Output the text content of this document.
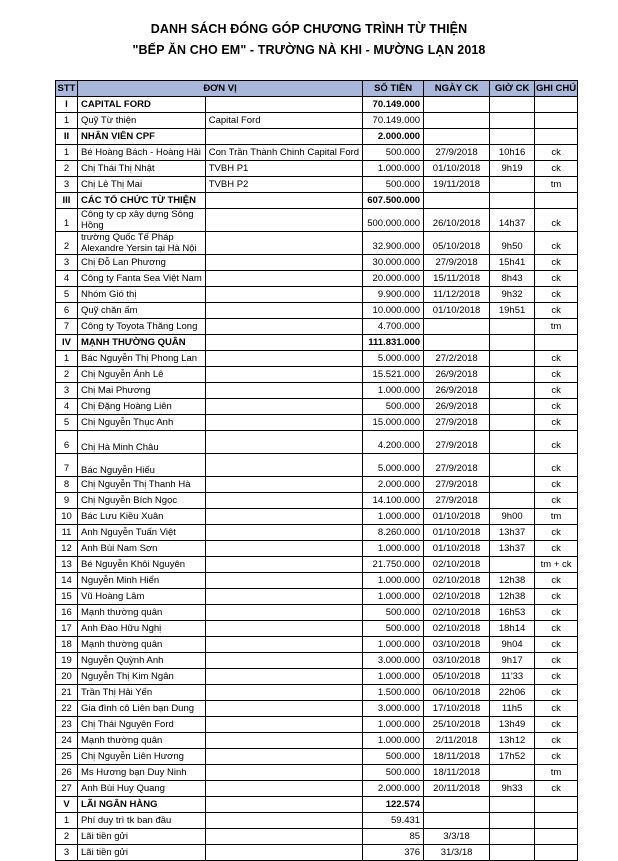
DANH SÁCH ĐÓNG GÓP CHƯƠNG TRÌNH TỪ THIỆN
"BẾP ĂN CHO EM" - TRƯỜNG NÀ KHI - MƯỜNG LẠN 2018
STT	ĐƠN VỊ		SỐ TIỀN	NGÀY CK	GIỜ CK	GHI CHÚ
I	CAPITAL FORD		70.149.000			
1	Quỹ Từ thiện	Capital Ford	70.149.000			
II	NHÂN VIÊN CPF		2.000.000			
1	Bé Hoàng Bách - Hoàng Hải	Con Trần Thành Chinh Capital Ford	500.000	27/9/2018	10h16	ck
2	Chị Thái Thị Nhật	TVBH P1	1.000.000	01/10/2018	9h19	ck
3	Chị Lê Thị Mai	TVBH P2	500.000	19/11/2018		tm
III	CÁC TỔ CHỨC TỪ THIỆN		607.500.000			
1	Công ty cp xây dựng Sông Hồng		500.000.000	26/10/2018	14h37	ck
2	trường Quốc Tế Pháp Alexandre Yersin tại Hà Nội		32.900.000	05/10/2018	9h50	ck
3	Chị Đỗ Lan Phương		30.000.000	27/9/2018	15h41	ck
4	Công ty Fanta Sea Việt Nam		20.000.000	15/11/2018	8h43	ck
5	Nhóm Gió thị		9.900.000	11/12/2018	9h32	ck
6	Quỹ chăn ấm		10.000.000	01/10/2018	19h51	ck
7	Công ty Toyota Thăng Long		4.700.000			tm
IV	MẠNH THƯỜNG QUÂN		111.831.000			
1	Bác Nguyễn Thị Phong Lan		5.000.000	27/2/2018		ck
2	Chị Nguyễn Ánh Lê		15.521.000	26/9/2018		ck
3	Chị Mai Phương		1.000.000	26/9/2018		ck
4	Chị Đặng Hoàng Liên		500.000	26/9/2018		ck
5	Chị Nguyễn Thục Anh		15.000.000	27/9/2018		ck
6	Chị Hà Minh Châu		4.200.000	27/9/2018		ck
7	Bác Nguyễn Hiếu		5.000.000	27/9/2018		ck
8	Chị Nguyễn Thị Thanh Hà		2.000.000	27/9/2018		ck
9	Chị Nguyễn Bích Ngọc		14.100.000	27/9/2018		ck
10	Bác Lưu Kiều Xuân		1.000.000	01/10/2018	9h00	tm
11	Anh Nguyễn Tuấn Việt		8.260.000	01/10/2018	13h37	ck
12	Anh Bùi Nam Sơn		1.000.000	01/10/2018	13h37	ck
13	Bé Nguyễn Khôi Nguyên		21.750.000	02/10/2018		tm + ck
14	Nguyễn Minh Hiển		1.000.000	02/10/2018	12h38	ck
15	Vũ Hoàng Lâm		1.000.000	02/10/2018	12h38	ck
16	Mạnh thường quân		500.000	02/10/2018	16h53	ck
17	Anh Đào Hữu Nghị		500.000	02/10/2018	18h14	ck
18	Mạnh thường quân		1.000.000	03/10/2018	9h04	ck
19	Nguyễn Quỳnh Anh		3.000.000	03/10/2018	9h17	ck
20	Nguyễn Thị Kim Ngân		1.000.000	05/10/2018	11'33	ck
21	Trần Thị Hải Yến		1.500.000	06/10/2018	22h06	ck
22	Gia đình cô Liên bạn Dung		3.000.000	17/10/2018	11h5	ck
23	Chị Thái Nguyên Ford		1.000.000	25/10/2018	13h49	ck
24	Mạnh thường quân		1.000.000	2/11/2018	13h12	ck
25	Chị Nguyễn Liên Hương		500.000	18/11/2018	17h52	ck
26	Ms Hương bạn Duy Ninh		500.000	18/11/2018		tm
27	Anh Bùi Huy Quang		2.000.000	20/11/2018	9h33	ck
V	LÃI NGÂN HÀNG		122.574			
1	Phí duy trì tk ban đầu		59.431			
2	Lãi tiền gửi		85	3/3/18		
3	Lãi tiền gửi		376	31/3/18		
